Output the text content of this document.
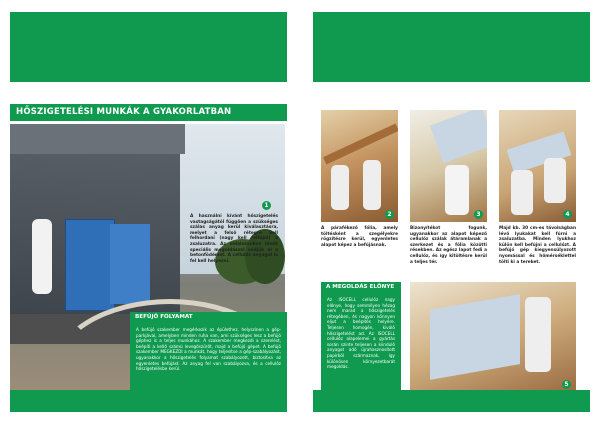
HŐSZIGETELÉSI MUNKÁK A GYAKORLATBAN
BEFÚJÓ FOLYAMAT
A befújó szakember megérkezik az épülethez, helyszínen a gép-parkjával, amelyben minden ruha van, ami szükséges lesz a befújó géphez is a teljes munkához. A szakember megkezdi a szerelést, beépíti a kellő számú levegőszűrőt, majd a befújó gépet. A befújó szakember MEGKEZDI a munkát, hogy teljesítse a gép-szabályozást, ugyanakkor a hőszigetelés folyamat szabályozott, biztosítva az egyenletes befújást. Az anyag fel van szabályozva, és a cellulóz hőszigetelésbe kerül.
2	3	4
A párafékező fólia, amely töltésként a szegélyekre rögzítésre kerül, egyenletes alapot képez a befújásnak.
Bizonyítékot fogunk, ugyanakkor az alapot képező cellulóz szálak átáramlanak a szerkezet és a fólia közötti résekben. Az egész lapot fedi a cellulóz, és így kitöltésre kerül a teljes tér.
Majd kb. 30 cm-es távolságban lévő lyukakat kell fúrni a zsaluzatba. Minden lyukhoz külön kell befújni a cellulózt. A befújó gép kiegyensúlyozott nyomással és hőmérséklettel tölti ki a tereket.
A MEGOLDÁS ELŐNYE
Az ISOCELL cellulóz nagy előnye, hogy semmilyen hézag nem marad a hőszigetelés rétegében, és nagyon könnyen eljut a beépítés helyére. Teljesen homogén, kiváló hőszigetelést ad. Az ISOCELL cellulóz alapelemei a gyártás során szinte teljesen a kiinduló anyagot adó újrahasznosított papírból származnak, így különösen környezetbarát megoldás.
5
A használni kívánt hőszigetelés vastagságától függően a szükséges szálas anyag kerül kiválasztásra, melyet a felső rétegre kell felhordani (nagy kell felfújni) a zsaluzatra. Az oldalsávokon lévők speciális megoldással védjük el a betonfödémet. A cellulóz anyagot is fel kell helyezni.
1
